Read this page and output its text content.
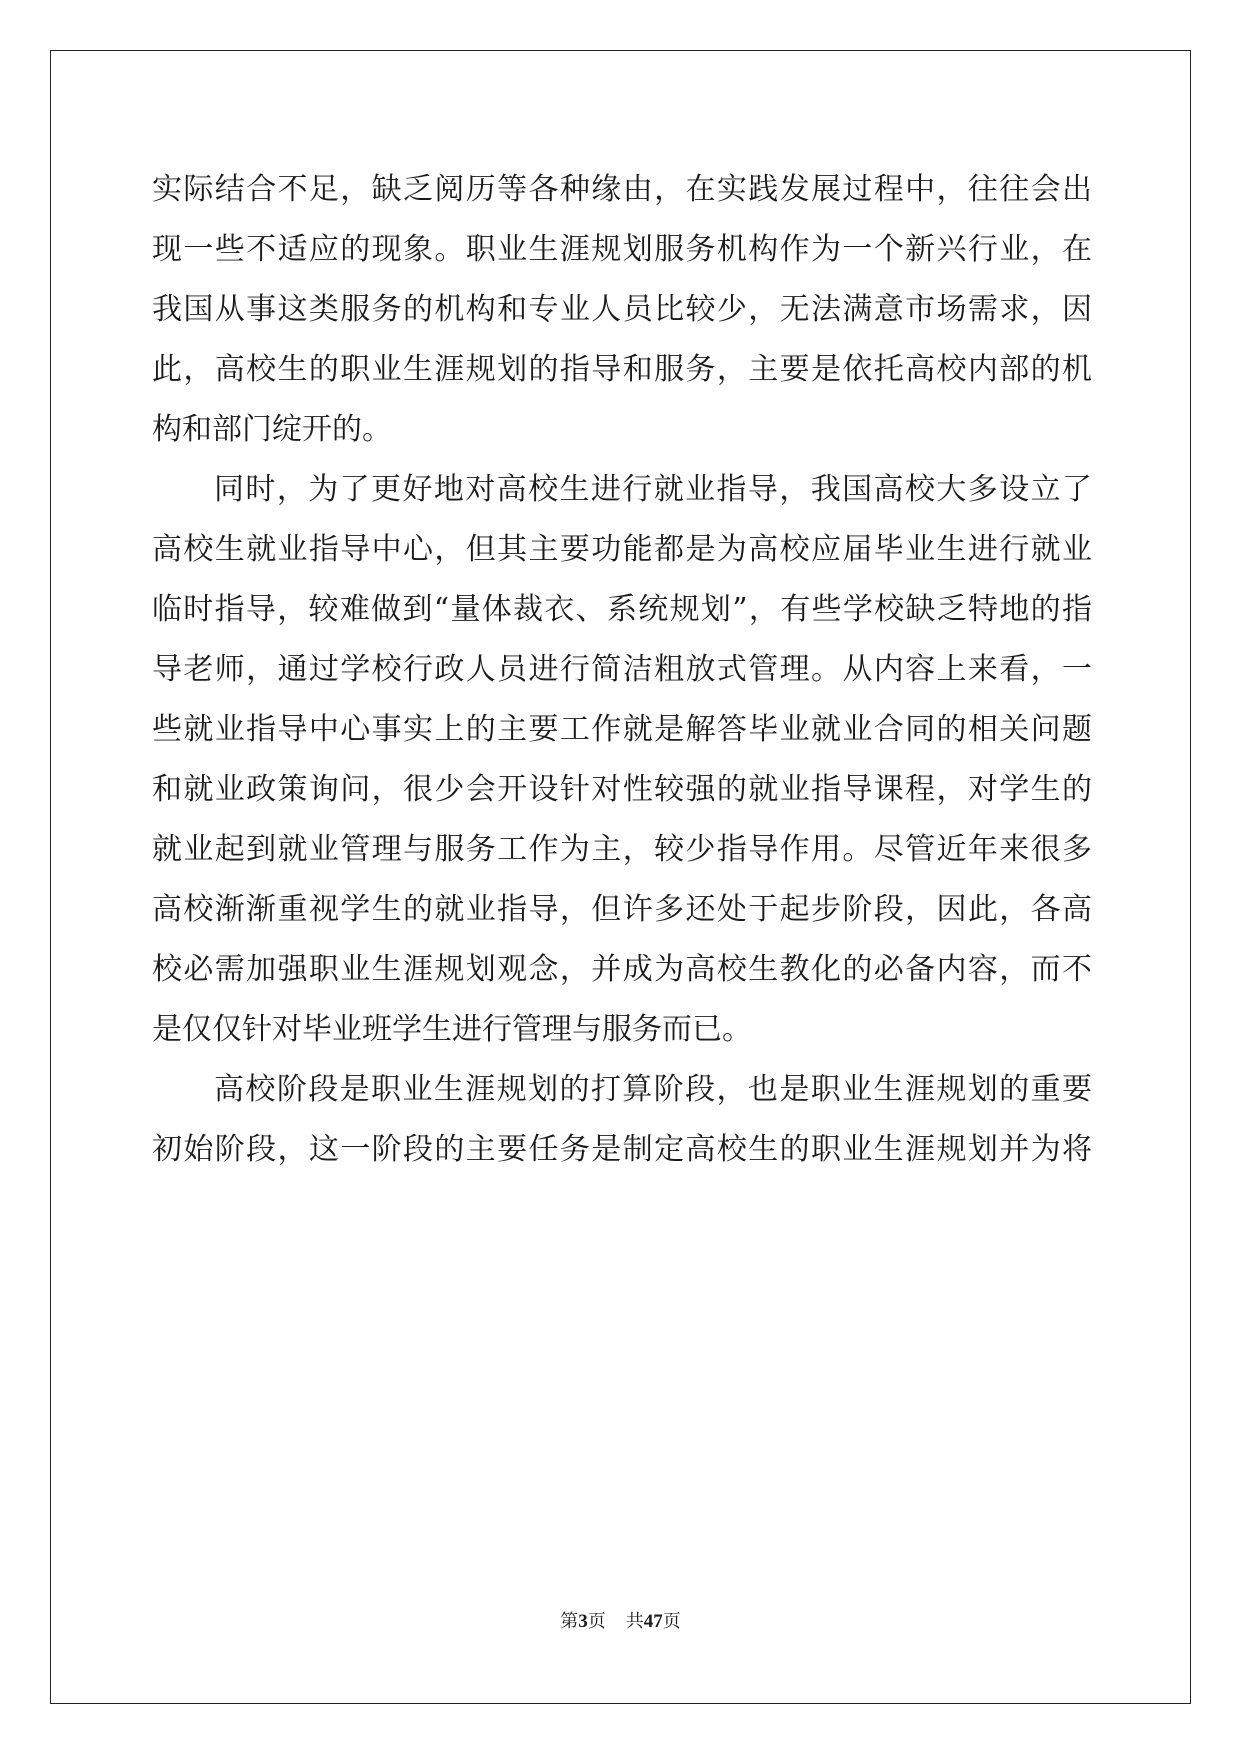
实际结合不足，缺乏阅历等各种缘由，在实践发展过程中，往往会出
现一些不适应的现象。职业生涯规划服务机构作为一个新兴行业，在
我国从事这类服务的机构和专业人员比较少，无法满意市场需求，因
此，高校生的职业生涯规划的指导和服务，主要是依托高校内部的机
构和部门绽开的。
同时，为了更好地对高校生进行就业指导，我国高校大多设立了
高校生就业指导中心，但其主要功能都是为高校应届毕业生进行就业
临时指导，较难做到“量体裁衣、系统规划”，有些学校缺乏特地的指
导老师，通过学校行政人员进行简洁粗放式管理。从内容上来看，一
些就业指导中心事实上的主要工作就是解答毕业就业合同的相关问题
和就业政策询问，很少会开设针对性较强的就业指导课程，对学生的
就业起到就业管理与服务工作为主，较少指导作用。尽管近年来很多
高校渐渐重视学生的就业指导，但许多还处于起步阶段，因此，各高
校必需加强职业生涯规划观念，并成为高校生教化的必备内容，而不
是仅仅针对毕业班学生进行管理与服务而已。
高校阶段是职业生涯规划的打算阶段，也是职业生涯规划的重要
初始阶段，这一阶段的主要任务是制定高校生的职业生涯规划并为将
第3页 共47页
